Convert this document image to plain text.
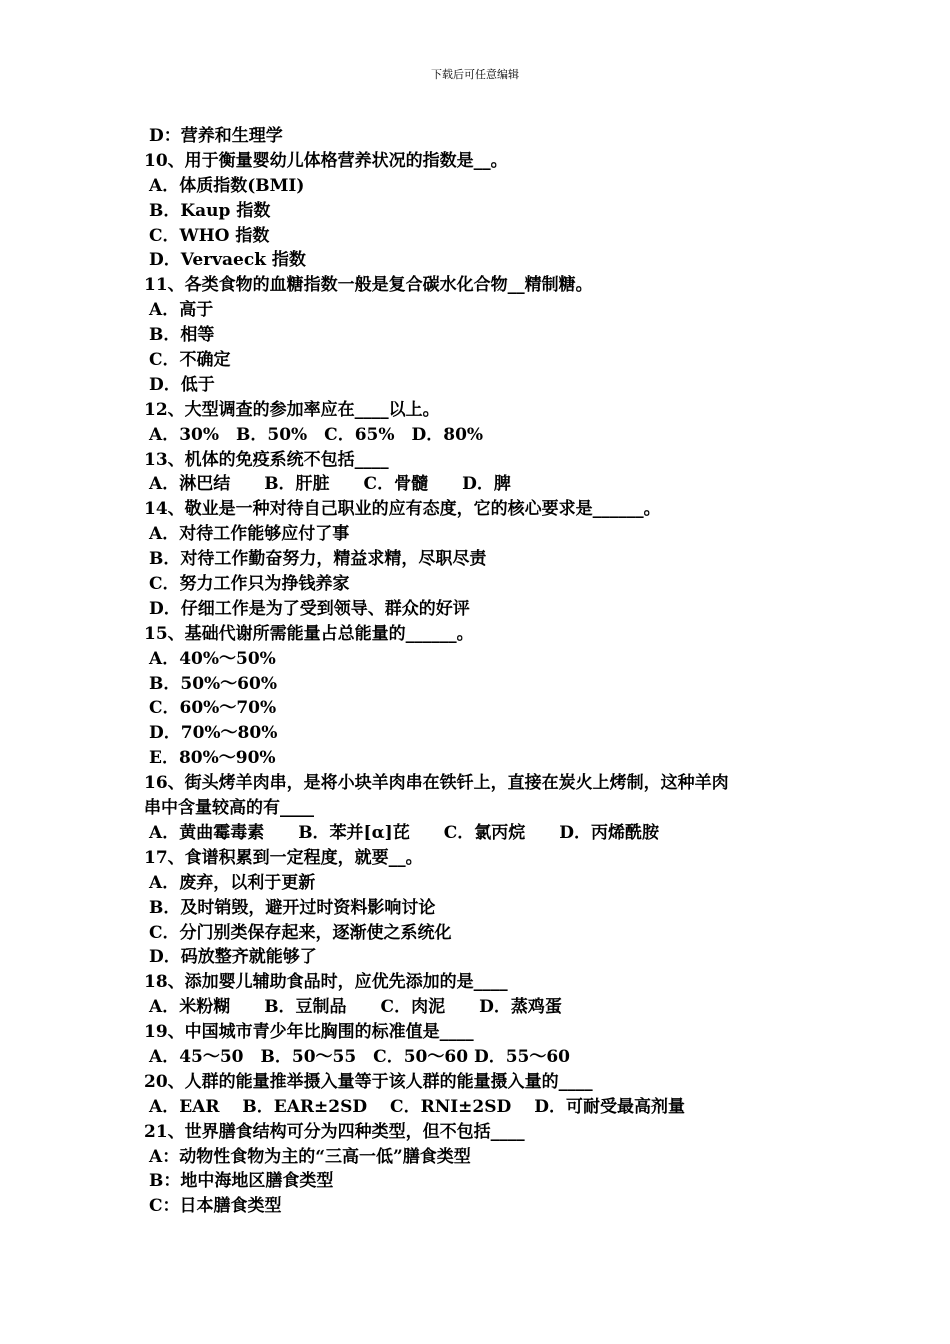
下载后可任意编辑
D：营养和生理学
10、用于衡量婴幼儿体格营养状况的指数是__。
A．体质指数(BMI)
B．Kaup 指数
C．WHO 指数
D．Vervaeck 指数
11、各类食物的血糖指数一般是复合碳水化合物__精制糖。
A．高于
B．相等
C．不确定
D．低于
12、大型调查的参加率应在____以上。
A．30%　B．50%　C．65%　D．80%
13、机体的免疫系统不包括____
A．淋巴结　　B．肝脏　　C．骨髓　　D．脾
14、敬业是一种对待自己职业的应有态度，它的核心要求是______。
A．对待工作能够应付了事
B．对待工作勤奋努力，精益求精，尽职尽责
C．努力工作只为挣钱养家
D．仔细工作是为了受到领导、群众的好评
15、基础代谢所需能量占总能量的______。
A．40%～50%
B．50%～60%
C．60%～70%
D．70%～80%
E．80%～90%
16、街头烤羊肉串，是将小块羊肉串在铁钎上，直接在炭火上烤制，这种羊肉
串中含量较高的有____
A．黄曲霉毒素　　B．苯并[α]芘　　C．氯丙烷　　D．丙烯酰胺
17、食谱积累到一定程度，就要__。
A．废弃，以利于更新
B．及时销毁，避开过时资料影响讨论
C．分门别类保存起来，逐渐使之系统化
D．码放整齐就能够了
18、添加婴儿辅助食品时，应优先添加的是____
A．米粉糊　　B．豆制品　　C．肉泥　　D．蒸鸡蛋
19、中国城市青少年比胸围的标准值是____
A．45～50　B．50～55　C．50～60 D．55～60
20、人群的能量推举摄入量等于该人群的能量摄入量的____
A．EAR　 B．EAR±2SD　 C．RNI±2SD　 D．可耐受最高剂量
21、世界膳食结构可分为四种类型，但不包括____
A：动物性食物为主的“三高一低”膳食类型
B：地中海地区膳食类型
C：日本膳食类型
